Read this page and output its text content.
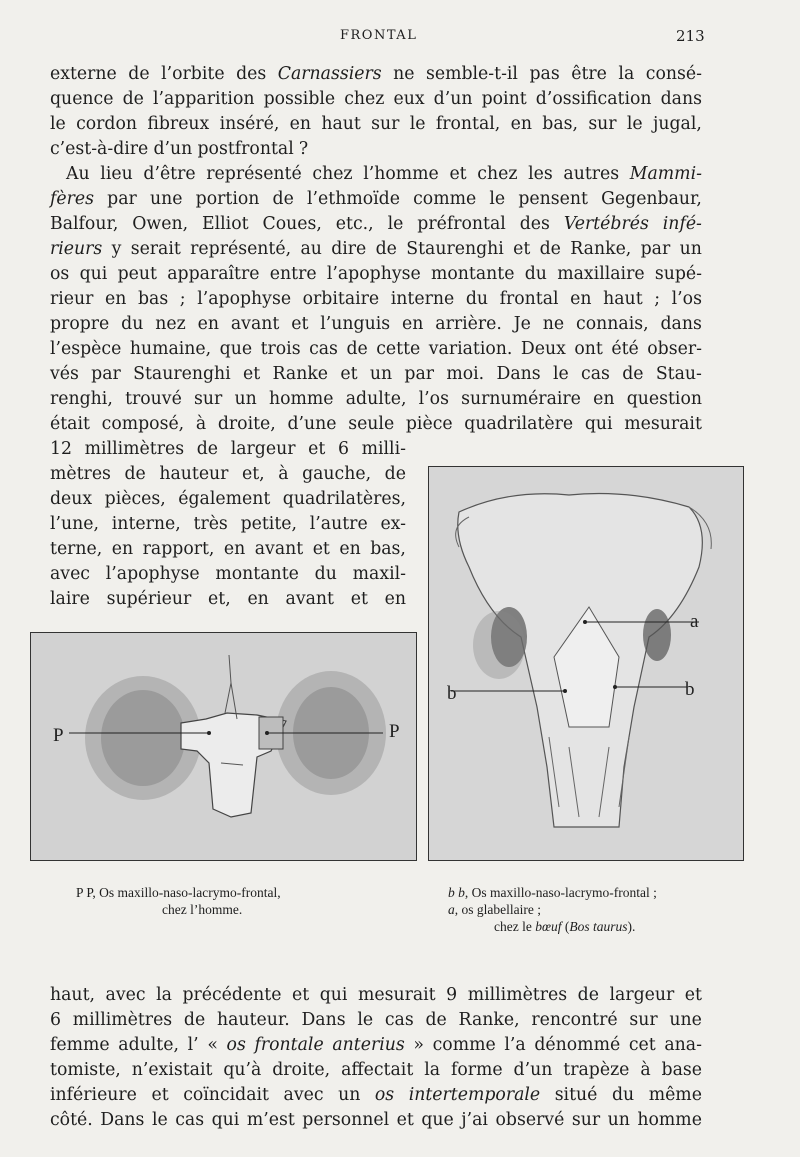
FRONTAL	213
externe de l’orbite des Carnassiers ne semble-t-il pas être la consé-
quence de l’apparition possible chez eux d’un point d’ossification dans
le cordon fibreux inséré, en haut sur le frontal, en bas, sur le jugal,
c’est-à-dire d’un postfrontal ?
Au lieu d’être représenté chez l’homme et chez les autres Mammi-
fères par une portion de l’ethmoïde comme le pensent Gegenbaur,
Balfour, Owen, Elliot Coues, etc., le préfrontal des Vertébrés infé-
rieurs y serait représenté, au dire de Staurenghi et de Ranke, par un
os qui peut apparaître entre l’apophyse montante du maxillaire supé-
rieur en bas ; l’apophyse orbitaire interne du frontal en haut ; l’os
propre du nez en avant et l’unguis en arrière. Je ne connais, dans
l’espèce humaine, que trois cas de cette variation. Deux ont été obser-
vés par Staurenghi et Ranke et un par moi. Dans le cas de Stau-
renghi, trouvé sur un homme adulte, l’os surnuméraire en question
était composé, à droite, d’une seule pièce quadrilatère qui mesurait
12 millimètres de largeur et 6 milli-
mètres de hauteur et, à gauche, de
deux pièces, également quadrilatères,
l’une, interne, très petite, l’autre ex-
terne, en rapport, en avant et en bas,
avec l’apophyse montante du maxil-
laire supérieur et, en avant et en
haut, avec la précédente et qui mesurait 9 millimètres de largeur et
6 millimètres de hauteur. Dans le cas de Ranke, rencontré sur une
femme adulte, l’ « os frontale anterius » comme l’a dénommé cet ana-
tomiste, n’existait qu’à droite, affectait la forme d’un trapèze à base
inférieure et coïncidait avec un os intertemporale situé du même
côté. Dans le cas qui m’est personnel et que j’ai observé sur un homme
P	P
a
b	b
P P, Os maxillo-naso-lacrymo-frontal,
chez l’homme.
b b, Os maxillo-naso-lacrymo-frontal ;
a, os glabellaire ;
chez le bœuf (Bos taurus).
